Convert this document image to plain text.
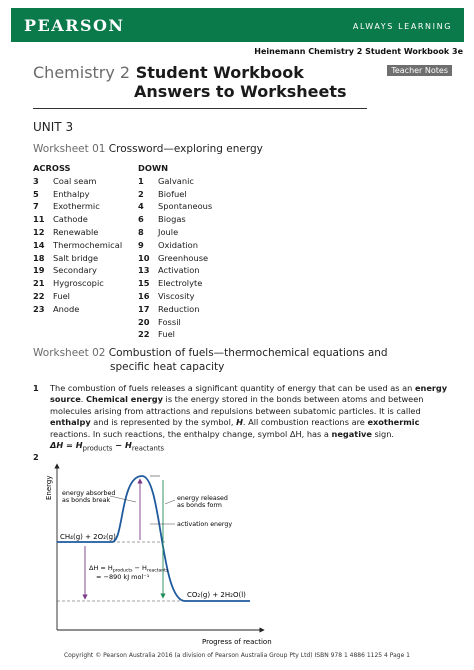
PEARSON	ALWAYS LEARNING
Heinemann Chemistry 2 Student Workbook 3e
Chemistry 2 Student Workbook
Answers to Worksheets
Teacher Notes
UNIT 3
Worksheet 01 Crossword—exploring energy
ACROSS
3 Coal seam
5 Enthalpy
7 Exothermic
11 Cathode
12 Renewable
14 Thermochemical
18 Salt bridge
19 Secondary
21 Hygroscopic
22 Fuel
23 Anode
DOWN
1 Galvanic
2 Biofuel
4 Spontaneous
6 Biogas
8 Joule
9 Oxidation
10 Greenhouse
13 Activation
15 Electrolyte
16 Viscosity
17 Reduction
20 Fossil
22 Fuel
Worksheet 02 Combustion of fuels—thermochemical equations and
specific heat capacity
1 The combustion of fuels releases a significant quantity of energy that can be used as an energy source. Chemical energy is the energy stored in the bonds between atoms and between molecules arising from attractions and repulsions between subatomic particles. It is called enthalpy and is represented by the symbol, H. All combustion reactions are exothermic reactions. In such reactions, the enthalpy change, symbol ΔH, has a negative sign.
$\Delta H = H_{products} - H_{reactants}$
2
Energy
Progress of reaction
energy absorbed
as bonds break	energy released
as bonds form
activation energy
CH₄(g) + 2O₂(g)
CO₂(g) + 2H₂O(l)
$\Delta H = H_{products} - H_{reactants}$
= −890 kJ mol⁻¹
Copyright © Pearson Australia 2016 (a division of Pearson Australia Group Pty Ltd) ISBN 978 1 4886 1125 4 Page 1
